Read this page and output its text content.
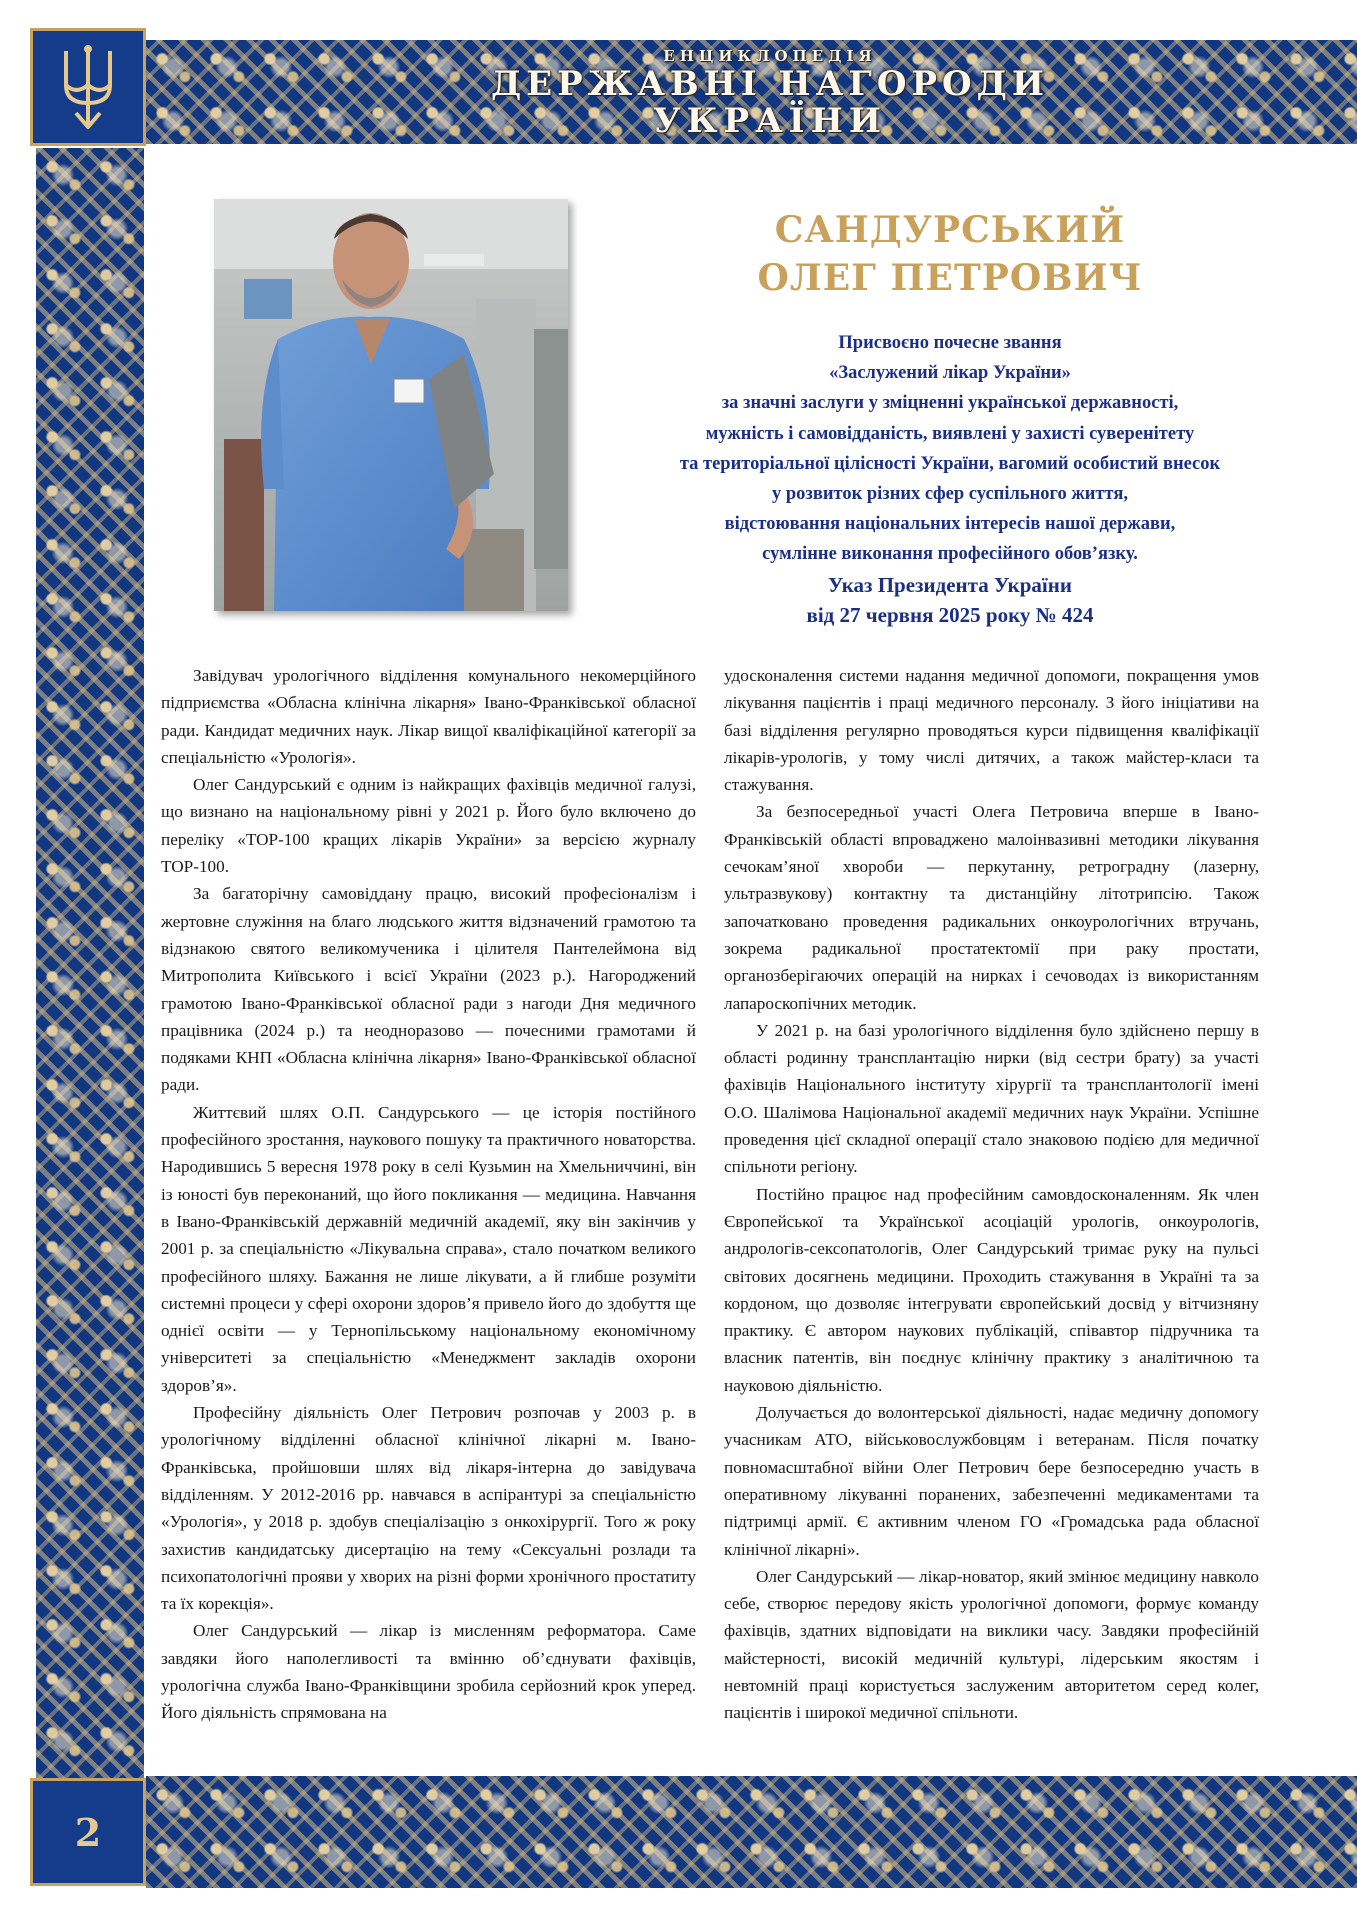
ЕНЦИКЛОПЕДІЯ
ДЕРЖАВНІ НАГОРОДИ
УКРАЇНИ
2
САНДУРСЬКИЙ
ОЛЕГ ПЕТРОВИЧ
Присвоєно почесне звання
«Заслужений лікар України»
за значні заслуги у зміцненні української державності,
мужність і самовідданість, виявлені у захисті суверенітету
та територіальної цілісності України, вагомий особистий внесок
у розвиток різних сфер суспільного життя,
відстоювання національних інтересів нашої держави,
сумлінне виконання професійного обов’язку.
Указ Президента України
від 27 червня 2025 року № 424

Завідувач урологічного відділення комунального некомерційного підприємства «Обласна клінічна лікарня» Івано-Франківської обласної ради. Кандидат медичних наук. Лікар вищої кваліфікаційної категорії за спеціальністю «Урологія».

Олег Сандурський є одним із найкращих фахівців медичної галузі, що визнано на національному рівні у 2021 р. Його було включено до переліку «ТОР-100 кращих лікарів України» за версією журналу ТОР-100.

За багаторічну самовіддану працю, високий професіоналізм і жертовне служіння на благо людського життя відзначений грамотою та відзнакою святого великомученика і цілителя Пантелеймона від Митрополита Київського і всієї України (2023 р.). Нагороджений грамотою Івано-Франківської обласної ради з нагоди Дня медичного працівника (2024 р.) та неодноразово — почесними грамотами й подяками КНП «Обласна клінічна лікарня» Івано-Франківської обласної ради.

Життєвий шлях О.П. Сандурського — це історія постійного професійного зростання, наукового пошуку та практичного новаторства. Народившись 5 вересня 1978 року в селі Кузьмин на Хмельниччині, він із юності був переконаний, що його покликання — медицина. Навчання в Івано-Франківській державній медичній академії, яку він закінчив у 2001 р. за спеціальністю «Лікувальна справа», стало початком великого професійного шляху. Бажання не лише лікувати, а й глибше розуміти системні процеси у сфері охорони здоров’я привело його до здобуття ще однієї освіти — у Тернопільському національному економічному університеті за спеціальністю «Менеджмент закладів охорони здоров’я».

Професійну діяльність Олег Петрович розпочав у 2003 р. в урологічному відділенні обласної клінічної лікарні м. Івано-Франківська, пройшовши шлях від лікаря-інтерна до завідувача відділенням. У 2012-2016 рр. навчався в аспірантурі за спеціальністю «Урологія», у 2018 р. здобув спеціалізацію з онкохірургії. Того ж року захистив кандидатську дисертацію на тему «Сексуальні розлади та психопатологічні прояви у хворих на різні форми хронічного простатиту та їх корекція».

Олег Сандурський — лікар із мисленням реформатора. Саме завдяки його наполегливості та вмінню об’єднувати фахівців, урологічна служба Івано-Франківщини зробила серйозний крок уперед. Його діяльність спрямована на

удосконалення системи надання медичної допомоги, покращення умов лікування пацієнтів і праці медичного персоналу. З його ініціативи на базі відділення регулярно проводяться курси підвищення кваліфікації лікарів-урологів, у тому числі дитячих, а також майстер-класи та стажування.

За безпосередньої участі Олега Петровича вперше в Івано-Франківській області впроваджено малоінвазивні методики лікування сечокам’яної хвороби — перкутанну, ретроградну (лазерну, ультразвукову) контактну та дистанційну літотрипсію. Також започатковано проведення радикальних онкоурологічних втручань, зокрема радикальної простатектомії при раку простати, органозберігаючих операцій на нирках і сечоводах із використанням лапароскопічних методик.

У 2021 р. на базі урологічного відділення було здійснено першу в області родинну трансплантацію нирки (від сестри брату) за участі фахівців Національного інституту хірургії та трансплантології імені О.О. Шалімова Національної академії медичних наук України. Успішне проведення цієї складної операції стало знаковою подією для медичної спільноти регіону.

Постійно працює над професійним самовдосконаленням. Як член Європейської та Української асоціацій урологів, онкоурологів, андрологів-сексопатологів, Олег Сандурський тримає руку на пульсі світових досягнень медицини. Проходить стажування в Україні та за кордоном, що дозволяє інтегрувати європейський досвід у вітчизняну практику. Є автором наукових публікацій, співавтор підручника та власник патентів, він поєднує клінічну практику з аналітичною та науковою діяльністю.

Долучається до волонтерської діяльності, надає медичну допомогу учасникам АТО, військовослужбовцям і ветеранам. Після початку повномасштабної війни Олег Петрович бере безпосередню участь в оперативному лікуванні поранених, забезпеченні медикаментами та підтримці армії. Є активним членом ГО «Громадська рада обласної клінічної лікарні».

Олег Сандурський — лікар-новатор, який змінює медицину навколо себе, створює передову якість урологічної допомоги, формує команду фахівців, здатних відповідати на виклики часу. Завдяки професійній майстерності, високій медичній культурі, лідерським якостям і невтомній праці користується заслуженим авторитетом серед колег, пацієнтів і широкої медичної спільноти.
